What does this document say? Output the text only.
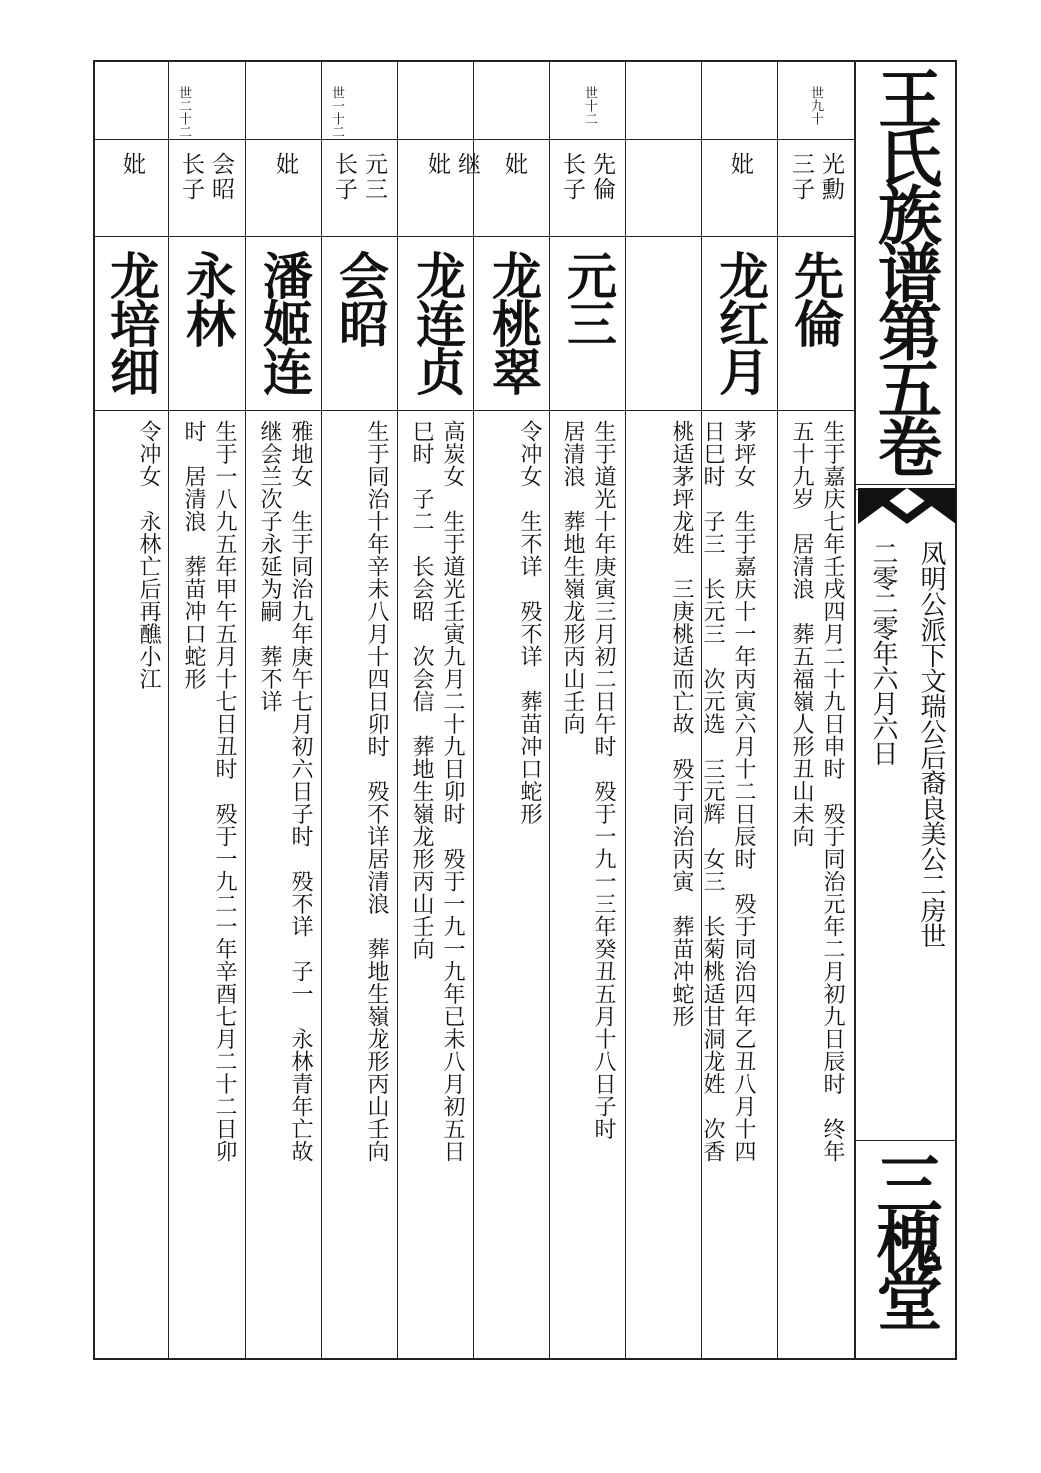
王氏族谱第五卷
凤明公派下文瑞公后裔良美公二房世
二零二零年六月六日
三槐堂
世九十
光勳
三子
先倫
生于嘉庆七年壬戌四月二十九日申时　殁于同治元年二月初九日辰时　终年
五十九岁　居清浪　葬五福嶺人形丑山未向
妣
龙红月
茅坪女　生于嘉庆十一年丙寅六月十二日辰时　殁于同治四年乙丑八月十四
日巳时　子三　长元三　次元选　三元辉　女三　长菊桃适甘洞龙姓　次香
桃适茅坪龙姓　三庚桃适而亡故　殁于同治丙寅　葬苗冲蛇形
世十二
先倫
长子
元三
生于道光十年庚寅三月初二日午时　殁于一九一三年癸丑五月十八日子时
居清浪　葬地生嶺龙形丙山壬向
妣
龙桃翠
令冲女　生不详　殁不详　葬苗冲口蛇形
继
妣
龙连贞
高炭女　生于道光壬寅九月二十九日卯时　殁于一九一九年已未八月初五日
巳时　子二　长会昭　次会信　葬地生嶺龙形丙山壬向
世一十二
元三
长子
会昭
生于同治十年辛未八月十四日卯时　殁不详居清浪　葬地生嶺龙形丙山壬向
妣
潘姬连
雅地女　生于同治九年庚午七月初六日子时　殁不详　子一　永林青年亡故
继会兰次子永延为嗣　葬不详
世二十二
会昭
长子
永林
生于一八九五年甲午五月十七日丑时　殁于一九二一年辛酉七月二十二日卯
时　居清浪　葬苗冲口蛇形
妣
龙培细
令冲女　永林亡后再醮小江
